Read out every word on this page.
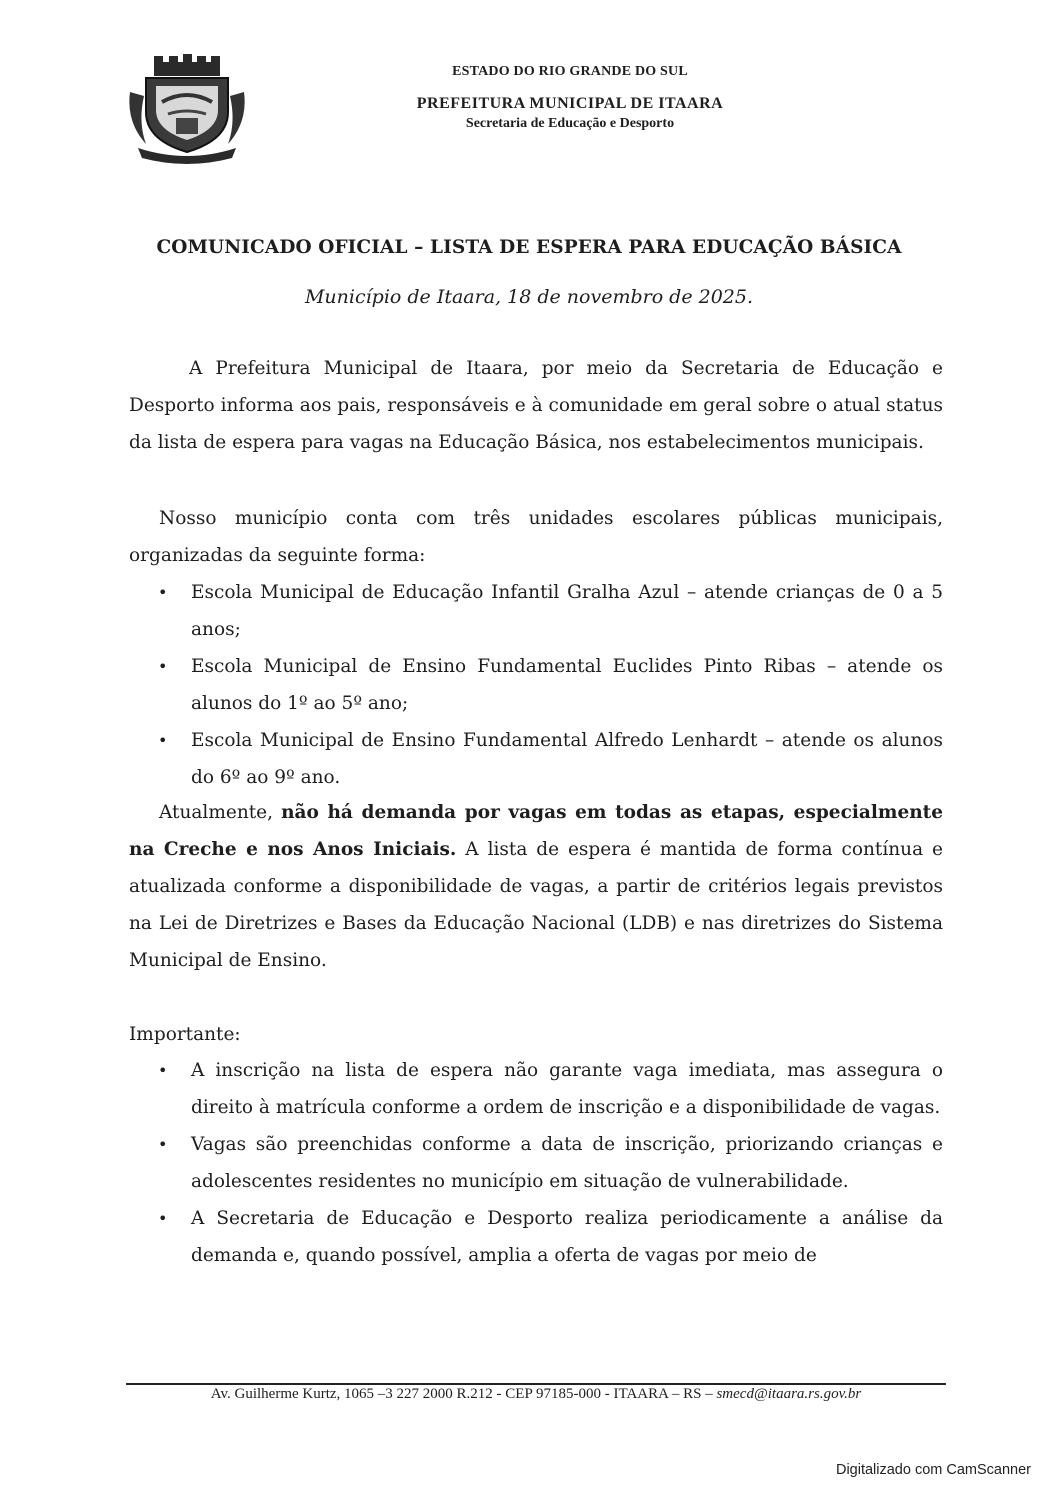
ESTADO DO RIO GRANDE DO SUL
PREFEITURA MUNICIPAL DE ITAARA
Secretaria de Educação e Desporto
COMUNICADO OFICIAL – LISTA DE ESPERA PARA EDUCAÇÃO BÁSICA
Município de Itaara, 18 de novembro de 2025.
A Prefeitura Municipal de Itaara, por meio da Secretaria de Educação e Desporto informa aos pais, responsáveis e à comunidade em geral sobre o atual status da lista de espera para vagas na Educação Básica, nos estabelecimentos municipais.
Nosso município conta com três unidades escolares públicas municipais, organizadas da seguinte forma:
• Escola Municipal de Educação Infantil Gralha Azul – atende crianças de 0 a 5 anos;
• Escola Municipal de Ensino Fundamental Euclides Pinto Ribas – atende os alunos do 1º ao 5º ano;
• Escola Municipal de Ensino Fundamental Alfredo Lenhardt – atende os alunos do 6º ao 9º ano.
Atualmente, não há demanda por vagas em todas as etapas, especialmente na Creche e nos Anos Iniciais. A lista de espera é mantida de forma contínua e atualizada conforme a disponibilidade de vagas, a partir de critérios legais previstos na Lei de Diretrizes e Bases da Educação Nacional (LDB) e nas diretrizes do Sistema Municipal de Ensino.
Importante:
• A inscrição na lista de espera não garante vaga imediata, mas assegura o direito à matrícula conforme a ordem de inscrição e a disponibilidade de vagas.
• Vagas são preenchidas conforme a data de inscrição, priorizando crianças e adolescentes residentes no município em situação de vulnerabilidade.
• A Secretaria de Educação e Desporto realiza periodicamente a análise da demanda e, quando possível, amplia a oferta de vagas por meio de
Av. Guilherme Kurtz, 1065 –3 227 2000 R.212 - CEP 97185-000 - ITAARA – RS – smecd@itaara.rs.gov.br
Digitalizado com CamScanner
